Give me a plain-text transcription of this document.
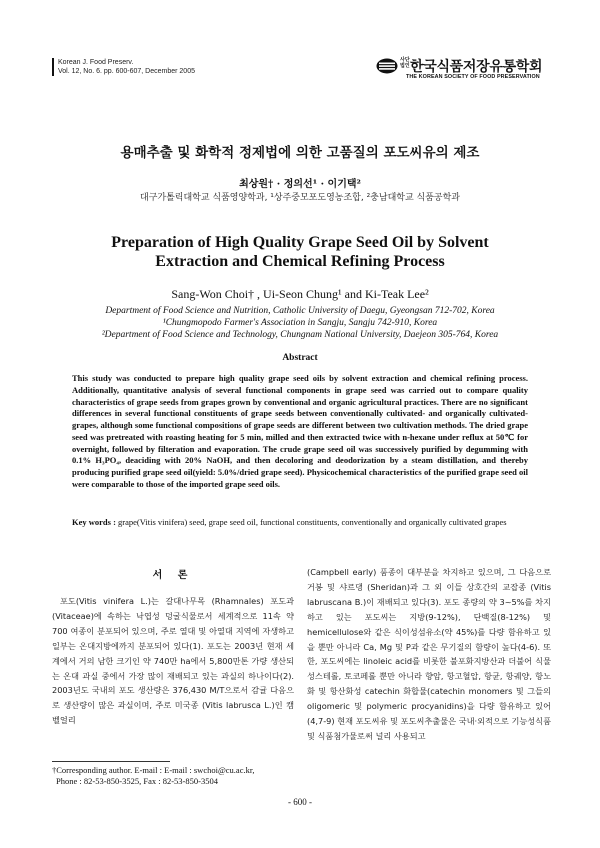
Korean J. Food Preserv.
Vol. 12, No. 6. pp. 600-607, December 2005
사단 법인 한국식품저장유통학회
THE KOREAN SOCIETY OF FOOD PRESERVATION
용매추출 및 화학적 정제법에 의한 고품질의 포도씨유의 제조
최상원† · 정의선¹ · 이기택²
대구가톨릭대학교 식품영양학과, ¹상주중모포도영농조합, ²충남대학교 식품공학과
Preparation of High Quality Grape Seed Oil by Solvent
Extraction and Chemical Refining Process
Sang-Won Choi† , Ui-Seon Chung¹ and Ki-Teak Lee²
Department of Food Science and Nutrition, Catholic University of Daegu, Gyeongsan 712-702, Korea
¹Chungmopodo Farmer's Association in Sangju, Sangju 742-910, Korea
²Department of Food Science and Technology, Chungnam National University, Daejeon 305-764, Korea
Abstract
This study was conducted to prepare high quality grape seed oils by solvent extraction and chemical refining process. Additionally, quantitative analysis of several functional components in grape seed was carried out to compare quality characteristics of grape seeds from grapes grown by conventional and organic agricultural practices. There are no significant differences in several functional constituents of grape seeds between conventionally cultivated- and organically cultivated-grapes, although some functional compositions of grape seeds are different between two cultivation methods. The dried grape seed was pretreated with roasting heating for 5 min, milled and then extracted twice with n-hexane under reflux at 50℃ for overnight, followed by filteration and evaporation. The crude grape seed oil was successively purified by degumming with 0.1% H₃PO₄, deaciding with 20% NaOH, and then decoloring and deodorization by a steam distillation, and thereby producing purified grape seed oil(yield: 5.0%/dried grape seed). Physicochemical characteristics of the purified grape seed oil were comparable to those of the imported grape seed oils.
Key words : grape(Vitis vinifera) seed, grape seed oil, functional constituents, conventionally and organically cultivated grapes
서 론

포도(Vitis vinifera L.)는 갈대나무목 (Rhamnales) 포도과 (Vitaceae)에 속하는 낙엽성 덩굴식물로서 세계적으로 11속 약 700 여종이 분포되어 있으며, 주로 열대 및 아열대 지역에 자생하고 일부는 온대지방에까지 분포되어 있다(1). 포도는 2003년 현재 세계에서 거의 남한 크기인 약 740만 ha에서 5,800만톤 가량 생산되는 온대 과실 중에서 가장 많이 재배되고 있는 과실의 하나이다(2). 2003년도 국내의 포도 생산량은 376,430 M/T으로서 감귤 다음으로 생산량이 많은 과실이며, 주로 미국종 (Vitis labrusca L.)인 캠벨얼리

(Campbell early) 품종이 대부분을 차지하고 있으며, 그 다음으로 거봉 및 샤르댕 (Sheridan)과 그 외 이들 상호간의 교잡종 (Vitis labruscana B.)이 재배되고 있다(3). 포도 종량의 약 3~5%를 차지하고 있는 포도씨는 지방(9-12%), 단백질(8-12%) 및 hemicellulose와 같은 식이성섬유소(약 45%)를 다량 함유하고 있을 뿐만 아니라 Ca, Mg 및 P과 같은 무기질의 함량이 높다(4-6). 또한, 포도씨에는 linoleic acid를 비롯한 불포화지방산과 더불어 식물성스테롤, 토코페롤 뿐만 아니라 향암, 항고혈압, 항균, 항궤양, 항노화 및 항산화성 catechin 화합물(catechin monomers 및 그들의 oligomeric 및 polymeric procyanidins)을 다량 함유하고 있어(4,7-9) 현재 포도씨유 및 포도씨추출물은 국내·외적으로 기능성식품 및 식품첨가물로써 널리 사용되고

†Corresponding author. E-mail : E-mail : swchoi@cu.ac.kr,
Phone : 82-53-850-3525, Fax : 82-53-850-3504
- 600 -
